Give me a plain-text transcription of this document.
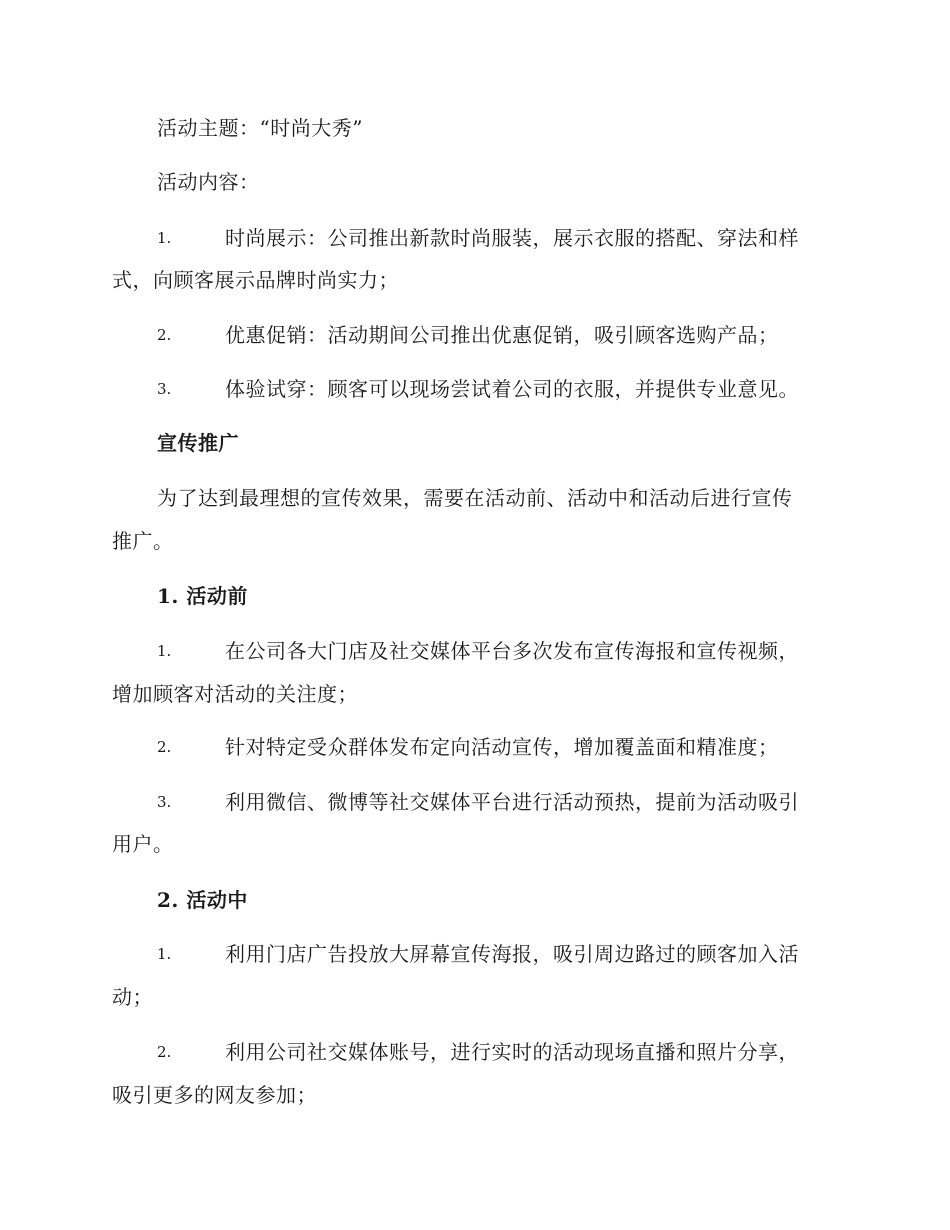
活动主题：“时尚大秀”
活动内容：
1.	时尚展示：公司推出新款时尚服装，展示衣服的搭配、穿法和样
式，向顾客展示品牌时尚实力；
2.	优惠促销：活动期间公司推出优惠促销，吸引顾客选购产品；
3.	体验试穿：顾客可以现场尝试着公司的衣服，并提供专业意见。
宣传推广
为了达到最理想的宣传效果，需要在活动前、活动中和活动后进行宣传
推广。
1. 活动前
1.	在公司各大门店及社交媒体平台多次发布宣传海报和宣传视频，
增加顾客对活动的关注度；
2.	针对特定受众群体发布定向活动宣传，增加覆盖面和精准度；
3.	利用微信、微博等社交媒体平台进行活动预热，提前为活动吸引
用户。
2. 活动中
1.	利用门店广告投放大屏幕宣传海报，吸引周边路过的顾客加入活
动；
2.	利用公司社交媒体账号，进行实时的活动现场直播和照片分享，
吸引更多的网友参加；
